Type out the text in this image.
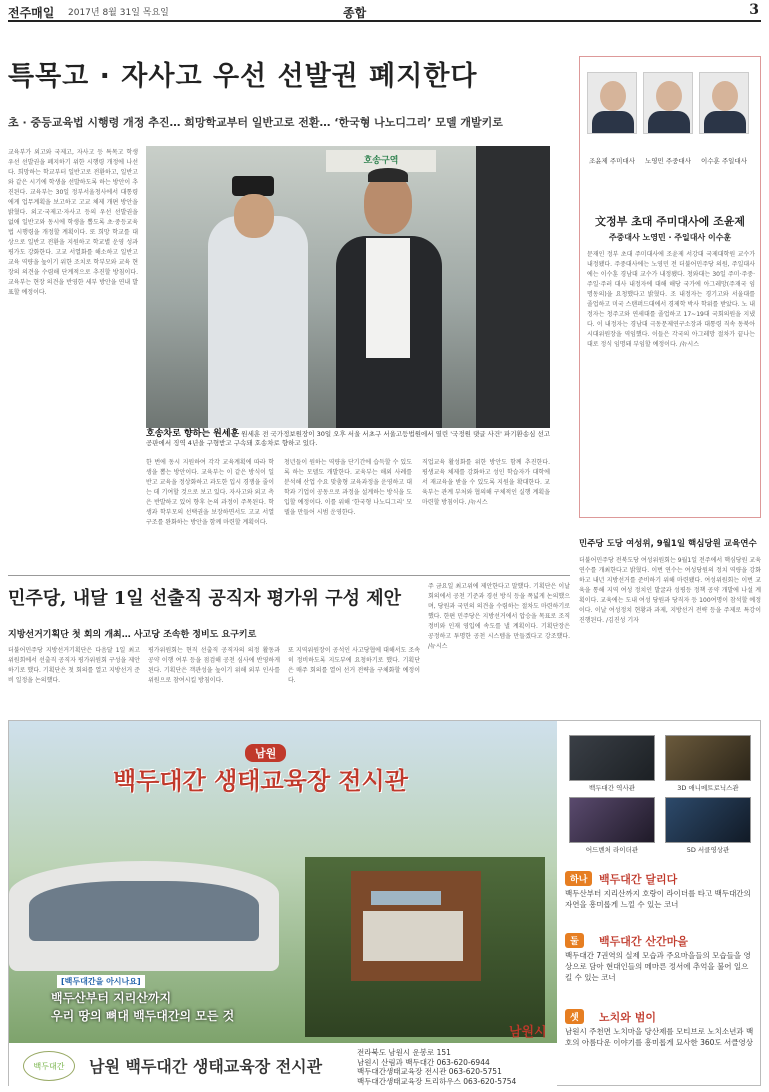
전주매일 2017년 8월 31일 목요일	종합	3
특목고 · 자사고 우선 선발권 폐지한다
초 · 중등교육법 시행령 개정 추진… 희망학교부터 일반고로 전환… ‘한국형 나노디그리’ 모델 개발키로
교육부가 외고와 국제고, 자사고 등 특목고 학생 우선 선발권을 폐지하기 위한 시행령 개정에 나선다. 희망하는 학교부터 일반고로 전환하고, 일반고와 같은 시기에 학생을 선발하도록 하는 방안이 추진된다. 교육부는 30일 정부서울청사에서 대통령에게 업무계획을 보고하고 고교 체제 개편 방안을 밝혔다. 외고·국제고·자사고 등의 우선 선발권을 없애 일반고와 동시에 학생을 뽑도록 초·중등교육법 시행령을 개정할 계획이다. 또 희망 학교를 대상으로 일반고 전환을 지원하고 학교별 운영 성과 평가도 강화한다. 고교 서열화를 해소하고 일반고 교육 역량을 높이기 위한 조치로 학부모와 교육 현장의 의견을 수렴해 단계적으로 추진할 방침이다. 교육부는 현장 의견을 반영한 세부 방안을 연내 발표할 예정이다.
호송구역
호송차로 향하는 원세훈 원세훈 전 국가정보원장이 30일 오후 서울 서초구 서울고등법원에서 열린 '국정원 댓글 사건' 파기환송심 선고 공판에서 징역 4년을 구형받고 구속돼 호송차로 향하고 있다.
한 번에 동시 지원하여 각각 교육계획에 따라 학생을 뽑는 방안이다. 교육부는 이 같은 방식이 일반고 교육을 정상화하고 과도한 입시 경쟁을 줄이는 데 기여할 것으로 보고 있다. 자사고와 외고 측은 반발하고 있어 향후 논의 과정이 주목된다. 학생과 학부모의 선택권을 보장하면서도 고교 서열 구조를 완화하는 방안을 함께 마련할 계획이다.
청년들이 원하는 역량을 단기간에 습득할 수 있도록 하는 모델도 개발한다. 교육부는 해외 사례를 분석해 산업 수요 맞춤형 교육과정을 운영하고 대학과 기업이 공동으로 과정을 설계하는 방식을 도입할 예정이다. 이를 위해 ‘한국형 나노디그리’ 모델을 만들어 시범 운영한다.
직업교육 활성화를 위한 방안도 함께 추진한다. 평생교육 체제를 강화하고 성인 학습자가 대학에서 재교육을 받을 수 있도록 지원을 확대한다. 교육부는 관계 부처와 협의해 구체적인 실행 계획을 마련할 방침이다. /뉴시스
조윤제 주미대사	노영민 주중대사	이수훈 주일대사
文정부 초대 주미대사에 조윤제
주중대사 노영민 · 주일대사 이수훈
문재인 정부 초대 주미대사에 조윤제 서강대 국제대학원 교수가 내정됐다. 주중대사에는 노영민 전 더불어민주당 의원, 주일대사에는 이수훈 경남대 교수가 내정됐다. 청와대는 30일 주미·주중·주일·주러 대사 내정자에 대해 해당 국가에 아그레망(주재국 임명동의)을 요청했다고 밝혔다. 조 내정자는 경기고와 서울대를 졸업하고 미국 스탠퍼드대에서 경제학 박사 학위를 받았다. 노 내정자는 청주고와 연세대를 졸업하고 17~19대 국회의원을 지냈다. 이 내정자는 경남대 극동문제연구소장과 대통령 직속 동북아시대위원장을 역임했다. 이들은 각국의 아그레망 절차가 끝나는 대로 정식 임명돼 부임할 예정이다. /뉴시스
민주당 도당 여성위, 9월1일 핵심당원 교육연수
더불어민주당 전북도당 여성위원회는 9월1일 전주에서 핵심당원 교육연수를 개최한다고 밝혔다. 이번 연수는 여성당원의 정치 역량을 강화하고 내년 지방선거를 준비하기 위해 마련됐다. 여성위원회는 이번 교육을 통해 지역 여성 정치인 발굴과 성평등 정책 공약 개발에 나설 계획이다. 교육에는 도내 여성 당원과 당직자 등 100여명이 참석할 예정이다. 이날 여성정치 현황과 과제, 지방선거 전략 등을 주제로 특강이 진행된다. /김진성 기자
민주당, 내달 1일 선출직 공직자 평가위 구성 제안
지방선거기획단 첫 회의 개최… 사고당 조속한 정비도 요구키로
더불어민주당 지방선거기획단은 다음달 1일 최고위원회에서 선출직 공직자 평가위원회 구성을 제안하기로 했다. 기획단은 첫 회의를 열고 지방선거 준비 일정을 논의했다.
평가위원회는 현직 선출직 공직자의 의정 활동과 공약 이행 여부 등을 점검해 공천 심사에 반영하게 된다. 기획단은 객관성을 높이기 위해 외부 인사를 위원으로 참여시킬 방침이다.
또 지역위원장이 공석인 사고당협에 대해서도 조속히 정비하도록 지도부에 요청하기로 했다. 기획단은 매주 회의를 열어 선거 전략을 구체화할 예정이다.
주 금요일 최고위에 제안한다고 말했다. 기획단은 이날 회의에서 공천 기준과 경선 방식 등을 폭넓게 논의했으며, 당원과 국민의 의견을 수렴하는 절차도 마련하기로 했다. 한편 민주당은 지방선거에서 압승을 목표로 조직 정비와 인재 영입에 속도를 낼 계획이다. 기획단장은 공정하고 투명한 공천 시스템을 만들겠다고 강조했다. /뉴시스
남원
백두대간 생태교육장 전시관
[백두대간을 아시나요]
백두산부터 지리산까지
우리 땅의 뼈대 백두대간의 모든 것
남원시
백두대간	남원 백두대간 생태교육장 전시관
전라북도 남원시 운봉로 151
남원시 산림과 백두대간 063-620-6944
백두대간생태교육장 전시관 063-620-5751
백두대간생태교육장 트리하우스 063-620-5754
백두대간 역사관	3D 애니메트로닉스관
어드벤처 라이더관	5D 서클영상관
하나	백두대간 달리다
백두산부터 지리산까지 호랑이 라이더를 타고 백두대간의 자연을 흥미롭게 느낄 수 있는 코너
둘	백두대간 산간마을
백두대간 7권역의 실제 모습과 주요마을들의 모습들을 영상으로 담아 현대인들의 메마른 정서에 추억을 불어 일으킬 수 있는 코너
셋	노치와 범이
남원시 주천면 노치마을 당산제를 모티브로 노치소년과 백호의 아름다운 이야기를 흥미롭게 묘사한 360도 서클영상
